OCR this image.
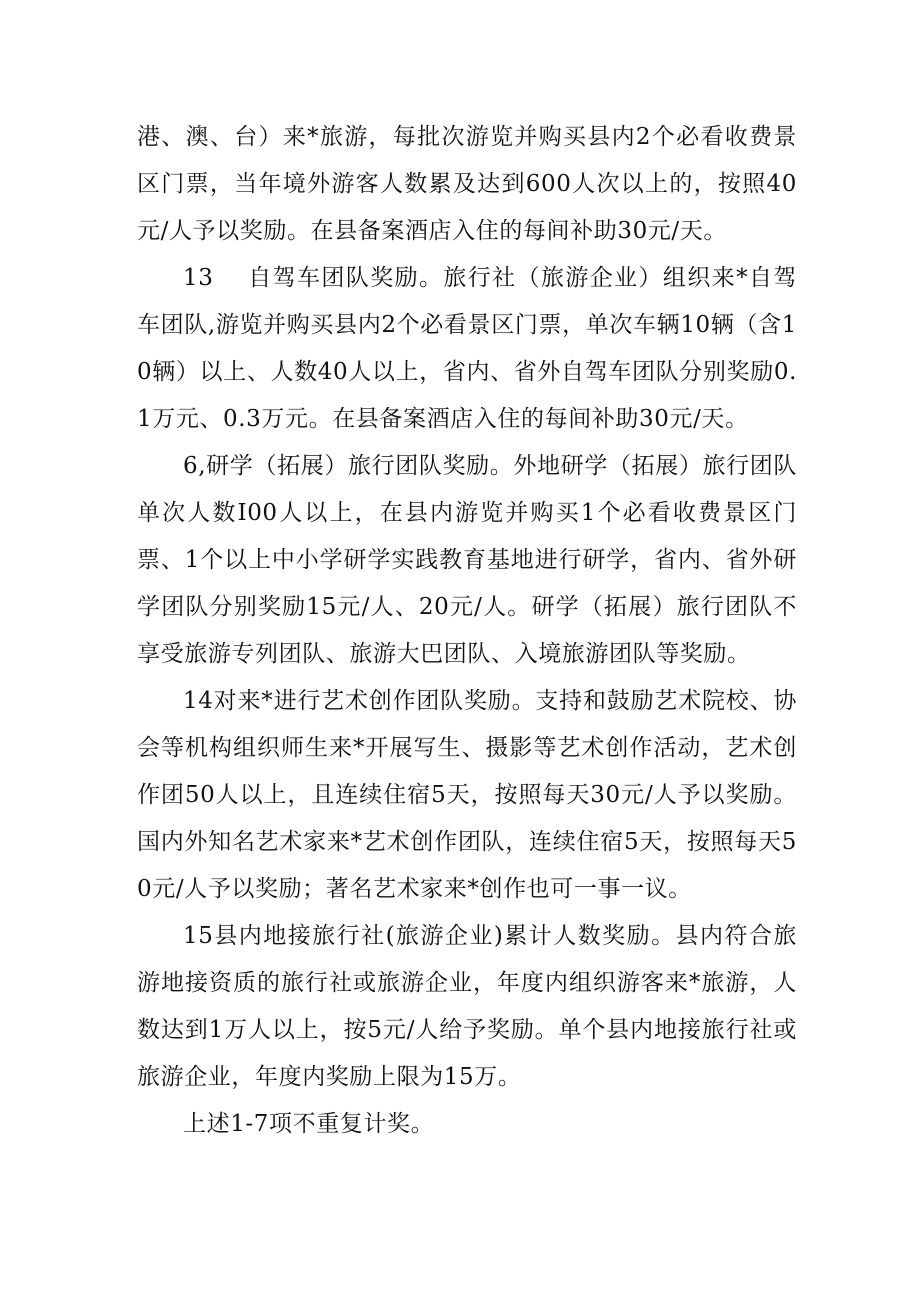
港、澳、台）来*旅游，每批次游览并购买县内2个必看收费景区门票，当年境外游客人数累及达到600人次以上的，按照40元/人予以奖励。在县备案酒店入住的每间补助30元/天。

13 自驾车团队奖励。旅行社（旅游企业）组织来*自驾车团队,游览并购买县内2个必看景区门票，单次车辆10辆（含10辆）以上、人数40人以上，省内、省外自驾车团队分别奖励0.1万元、0.3万元。在县备案酒店入住的每间补助30元/天。

6,研学（拓展）旅行团队奖励。外地研学（拓展）旅行团队单次人数I00人以上，在县内游览并购买1个必看收费景区门票、1个以上中小学研学实践教育基地进行研学，省内、省外研学团队分别奖励15元/人、20元/人。研学（拓展）旅行团队不享受旅游专列团队、旅游大巴团队、入境旅游团队等奖励。

14对来*进行艺术创作团队奖励。支持和鼓励艺术院校、协会等机构组织师生来*开展写生、摄影等艺术创作活动，艺术创作团50人以上，且连续住宿5天，按照每天30元/人予以奖励。国内外知名艺术家来*艺术创作团队，连续住宿5天，按照每天50元/人予以奖励；著名艺术家来*创作也可一事一议。

15县内地接旅行社(旅游企业)累计人数奖励。县内符合旅游地接资质的旅行社或旅游企业，年度内组织游客来*旅游，人数达到1万人以上，按5元/人给予奖励。单个县内地接旅行社或旅游企业，年度内奖励上限为15万。

上述1-7项不重复计奖。
